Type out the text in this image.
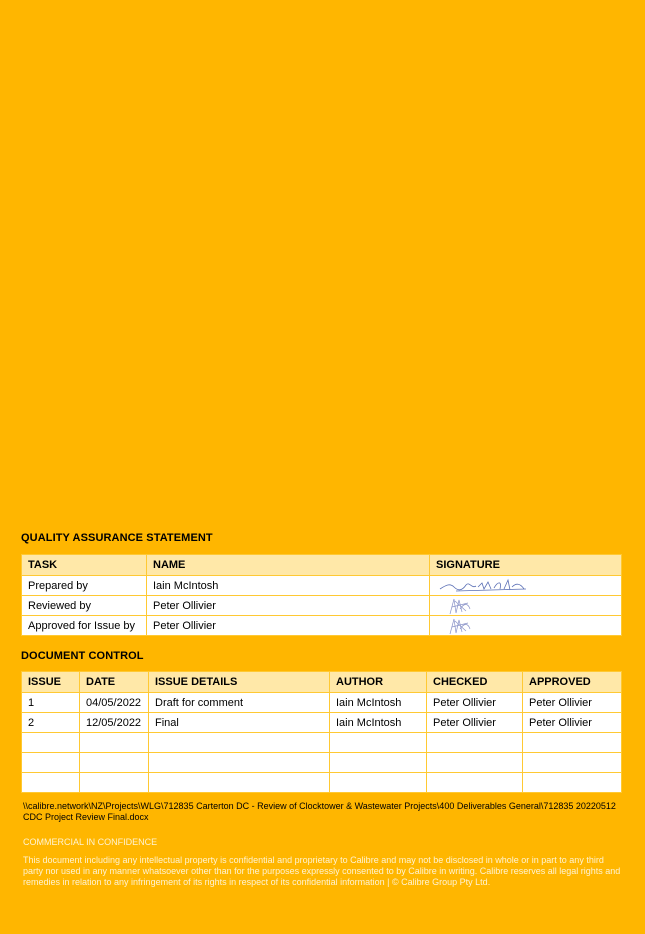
QUALITY ASSURANCE STATEMENT
TASK	NAME	SIGNATURE
Prepared by	Iain McIntosh	

Reviewed by	Peter Ollivier	

Approved for Issue by	Peter Ollivier	
DOCUMENT CONTROL
ISSUE	DATE	ISSUE DETAILS	AUTHOR	CHECKED	APPROVED
1	04/05/2022	Draft for comment	Iain McIntosh	Peter Ollivier	Peter Ollivier
2	12/05/2022	Final	Iain McIntosh	Peter Ollivier	Peter Ollivier

\\calibre.network\NZ\Projects\WLG\712835 Carterton DC - Review of Clocktower & Wastewater Projects\400 Deliverables General\712835 20220512 CDC Project Review Final.docx
COMMERCIAL IN CONFIDENCE
This document including any intellectual property is confidential and proprietary to Calibre and may not be disclosed in whole or in part to any third party nor used in any manner whatsoever other than for the purposes expressly consented to by Calibre in writing. Calibre reserves all legal rights and remedies in relation to any infringement of its rights in respect of its confidential information | © Calibre Group Pty Ltd.
